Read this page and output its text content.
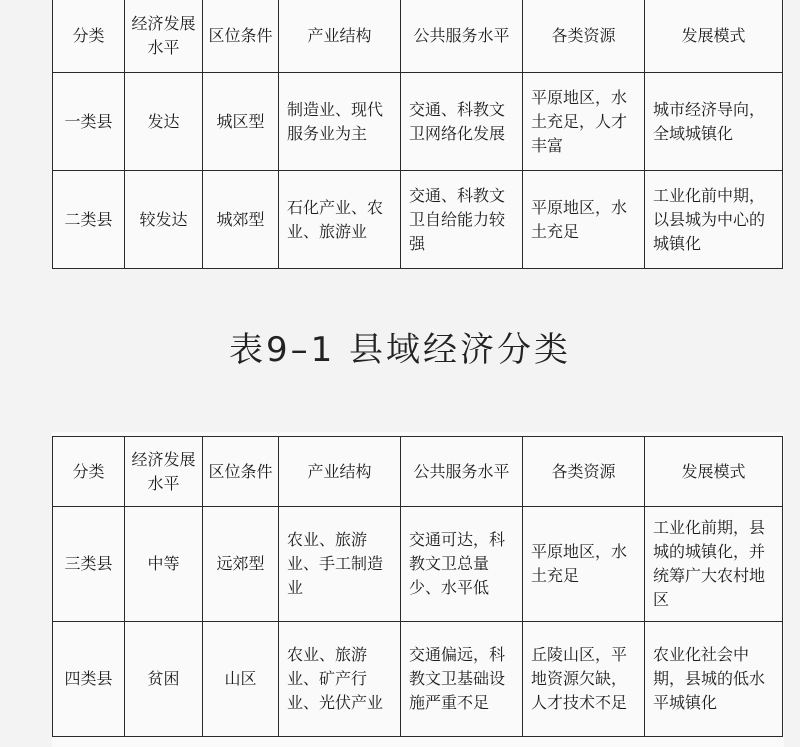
分类	经济发展水平	区位条件	产业结构	公共服务水平	各类资源	发展模式
一类县	发达	城区型	制造业、现代服务业为主	交通、科教文卫网络化发展	平原地区，水土充足，人才丰富	城市经济导向，全域城镇化
二类县	较发达	城郊型	石化产业、农业、旅游业	交通、科教文卫自给能力较强	平原地区，水土充足	工业化前中期，以县城为中心的城镇化
表9–1 县域经济分类
分类	经济发展水平	区位条件	产业结构	公共服务水平	各类资源	发展模式
三类县	中等	远郊型	农业、旅游业、手工制造业	交通可达，科教文卫总量少、水平低	平原地区，水土充足	工业化前期，县城的城镇化，并统筹广大农村地区
四类县	贫困	山区	农业、旅游业、矿产行业、光伏产业	交通偏远，科教文卫基础设施严重不足	丘陵山区，平地资源欠缺，人才技术不足	农业化社会中期，县城的低水平城镇化
